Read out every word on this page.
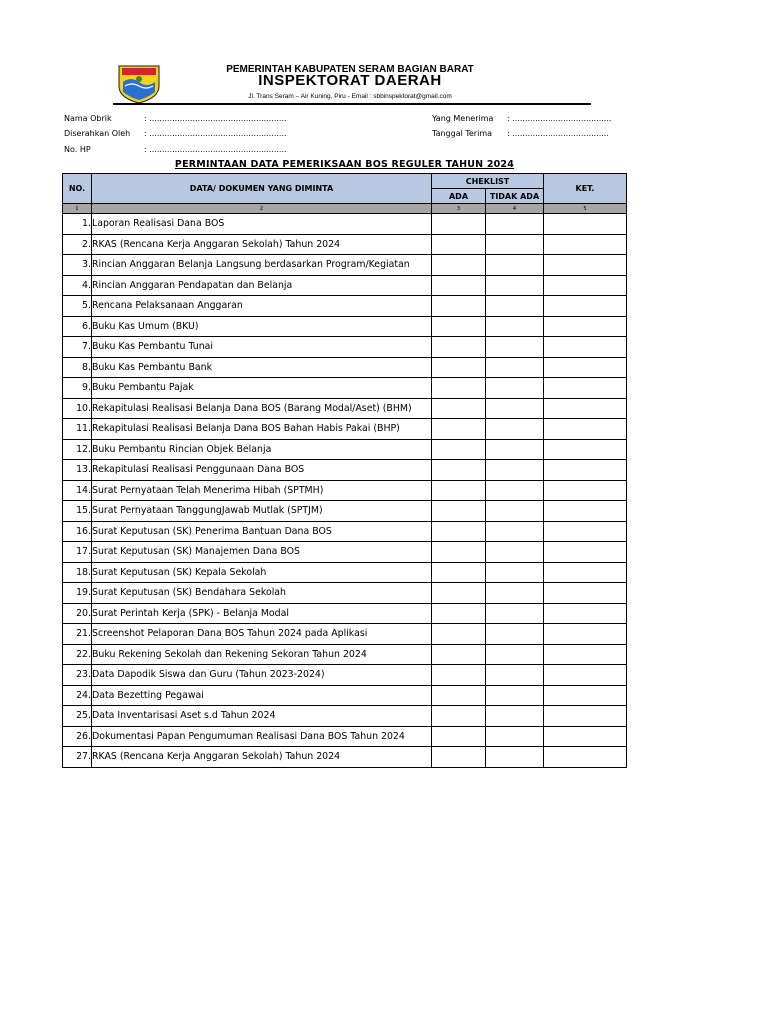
PEMERINTAH KABUPATEN SERAM BAGIAN BARAT
INSPEKTORAT DAERAH
Jl. Trans Seram – Air Kuning, Piru - Email : sbbinspektorat@gmail.com
Nama Obrik	: ......................................................
Diserahkan Oleh : ......................................................
No. HP	: ......................................................
Yang Menerima : .......................................
Tanggal Terima: ......................................
PERMINTAAN DATA PEMERIKSAAN BOS REGULER TAHUN 2024
NO.	DATA/ DOKUMEN YANG DIMINTA	CHEKLIST		KET.
		ADA	TIDAK ADA	
1	2	3	4	5
1.	Laporan Realisasi Dana BOS			
2.	RKAS (Rencana Kerja Anggaran Sekolah) Tahun 2024			
3.	Rincian Anggaran Belanja Langsung berdasarkan Program/Kegiatan			
4.	Rincian Anggaran Pendapatan dan Belanja			
5.	Rencana Pelaksanaan Anggaran			
6.	Buku Kas Umum (BKU)			
7.	Buku Kas Pembantu Tunai			
8.	Buku Kas Pembantu Bank			
9.	Buku Pembantu Pajak			
10.	Rekapitulasi Realisasi Belanja Dana BOS (Barang Modal/Aset) (BHM)			
11.	Rekapitulasi Realisasi Belanja Dana BOS Bahan Habis Pakai (BHP)			
12.	Buku Pembantu Rincian Objek Belanja			
13.	Rekapitulasi Realisasi Penggunaan Dana BOS			
14.	Surat Pernyataan Telah Menerima Hibah (SPTMH)			
15.	Surat Pernyataan TanggungJawab Mutlak (SPTJM)			
16.	Surat Keputusan (SK) Penerima Bantuan Dana BOS			
17.	Surat Keputusan (SK) Manajemen Dana BOS			
18.	Surat Keputusan (SK) Kepala Sekolah			
19.	Surat Keputusan (SK) Bendahara Sekolah			
20.	Surat Perintah Kerja (SPK) - Belanja Modal			
21.	Screenshot Pelaporan Dana BOS Tahun 2024 pada Aplikasi			
22.	Buku Rekening Sekolah dan Rekening Sekoran Tahun 2024			
23.	Data Dapodik Siswa dan Guru (Tahun 2023-2024)			
24.	Data Bezetting Pegawai			
25.	Data Inventarisasi Aset s.d Tahun 2024			
26.	Dokumentasi Papan Pengumuman Realisasi Dana BOS Tahun 2024			
27.	RKAS (Rencana Kerja Anggaran Sekolah) Tahun 2024			
